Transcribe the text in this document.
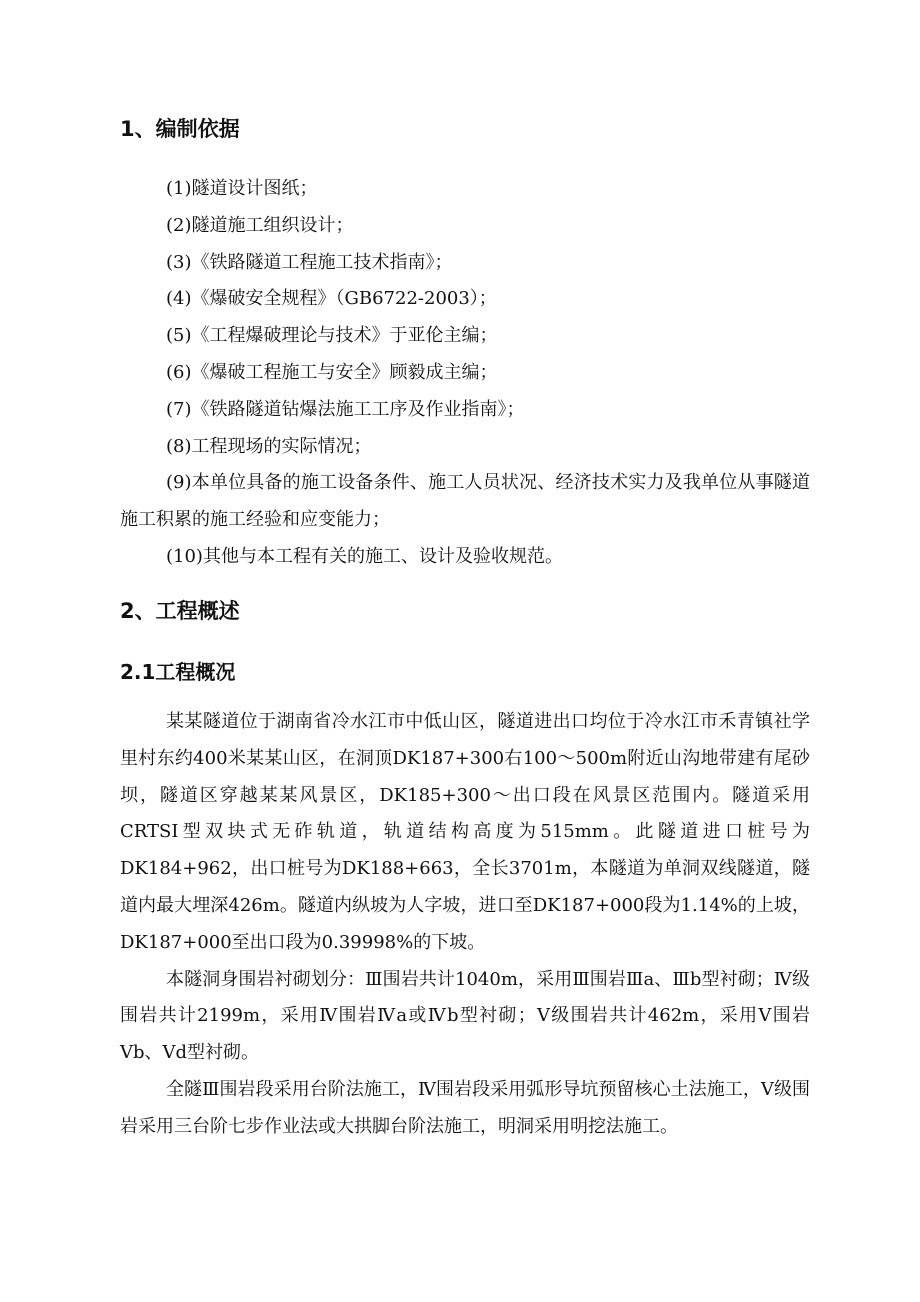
1、编制依据
(1)隧道设计图纸；
(2)隧道施工组织设计；
(3)《铁路隧道工程施工技术指南》；
(4)《爆破安全规程》（GB6722-2003）；
(5)《工程爆破理论与技术》于亚伦主编；
(6)《爆破工程施工与安全》顾毅成主编；
(7)《铁路隧道钻爆法施工工序及作业指南》；
(8)工程现场的实际情况；
(9)本单位具备的施工设备条件、施工人员状况、经济技术实力及我单位从事隧道施工积累的施工经验和应变能力；
(10)其他与本工程有关的施工、设计及验收规范。
2、工程概述
2.1工程概况

某某隧道位于湖南省冷水江市中低山区，隧道进出口均位于冷水江市禾青镇社学里村东约400米某某山区，在洞顶DK187+300右100～500m附近山沟地带建有尾砂坝，隧道区穿越某某风景区，DK185+300～出口段在风景区范围内。隧道采用CRTSI型双块式无砟轨道，轨道结构高度为515mm。此隧道进口桩号为DK184+962，出口桩号为DK188+663，全长3701m，本隧道为单洞双线隧道，隧道内最大埋深426m。隧道内纵坡为人字坡，进口至DK187+000段为1.14%的上坡，DK187+000至出口段为0.39998%的下坡。

本隧洞身围岩衬砌划分：Ⅲ围岩共计1040m，采用Ⅲ围岩Ⅲa、Ⅲb型衬砌；Ⅳ级围岩共计2199m，采用Ⅳ围岩Ⅳa或Ⅳb型衬砌；Ⅴ级围岩共计462m，采用Ⅴ围岩Ⅴb、Ⅴd型衬砌。

全隧Ⅲ围岩段采用台阶法施工，Ⅳ围岩段采用弧形导坑预留核心土法施工，Ⅴ级围岩采用三台阶七步作业法或大拱脚台阶法施工，明洞采用明挖法施工。
